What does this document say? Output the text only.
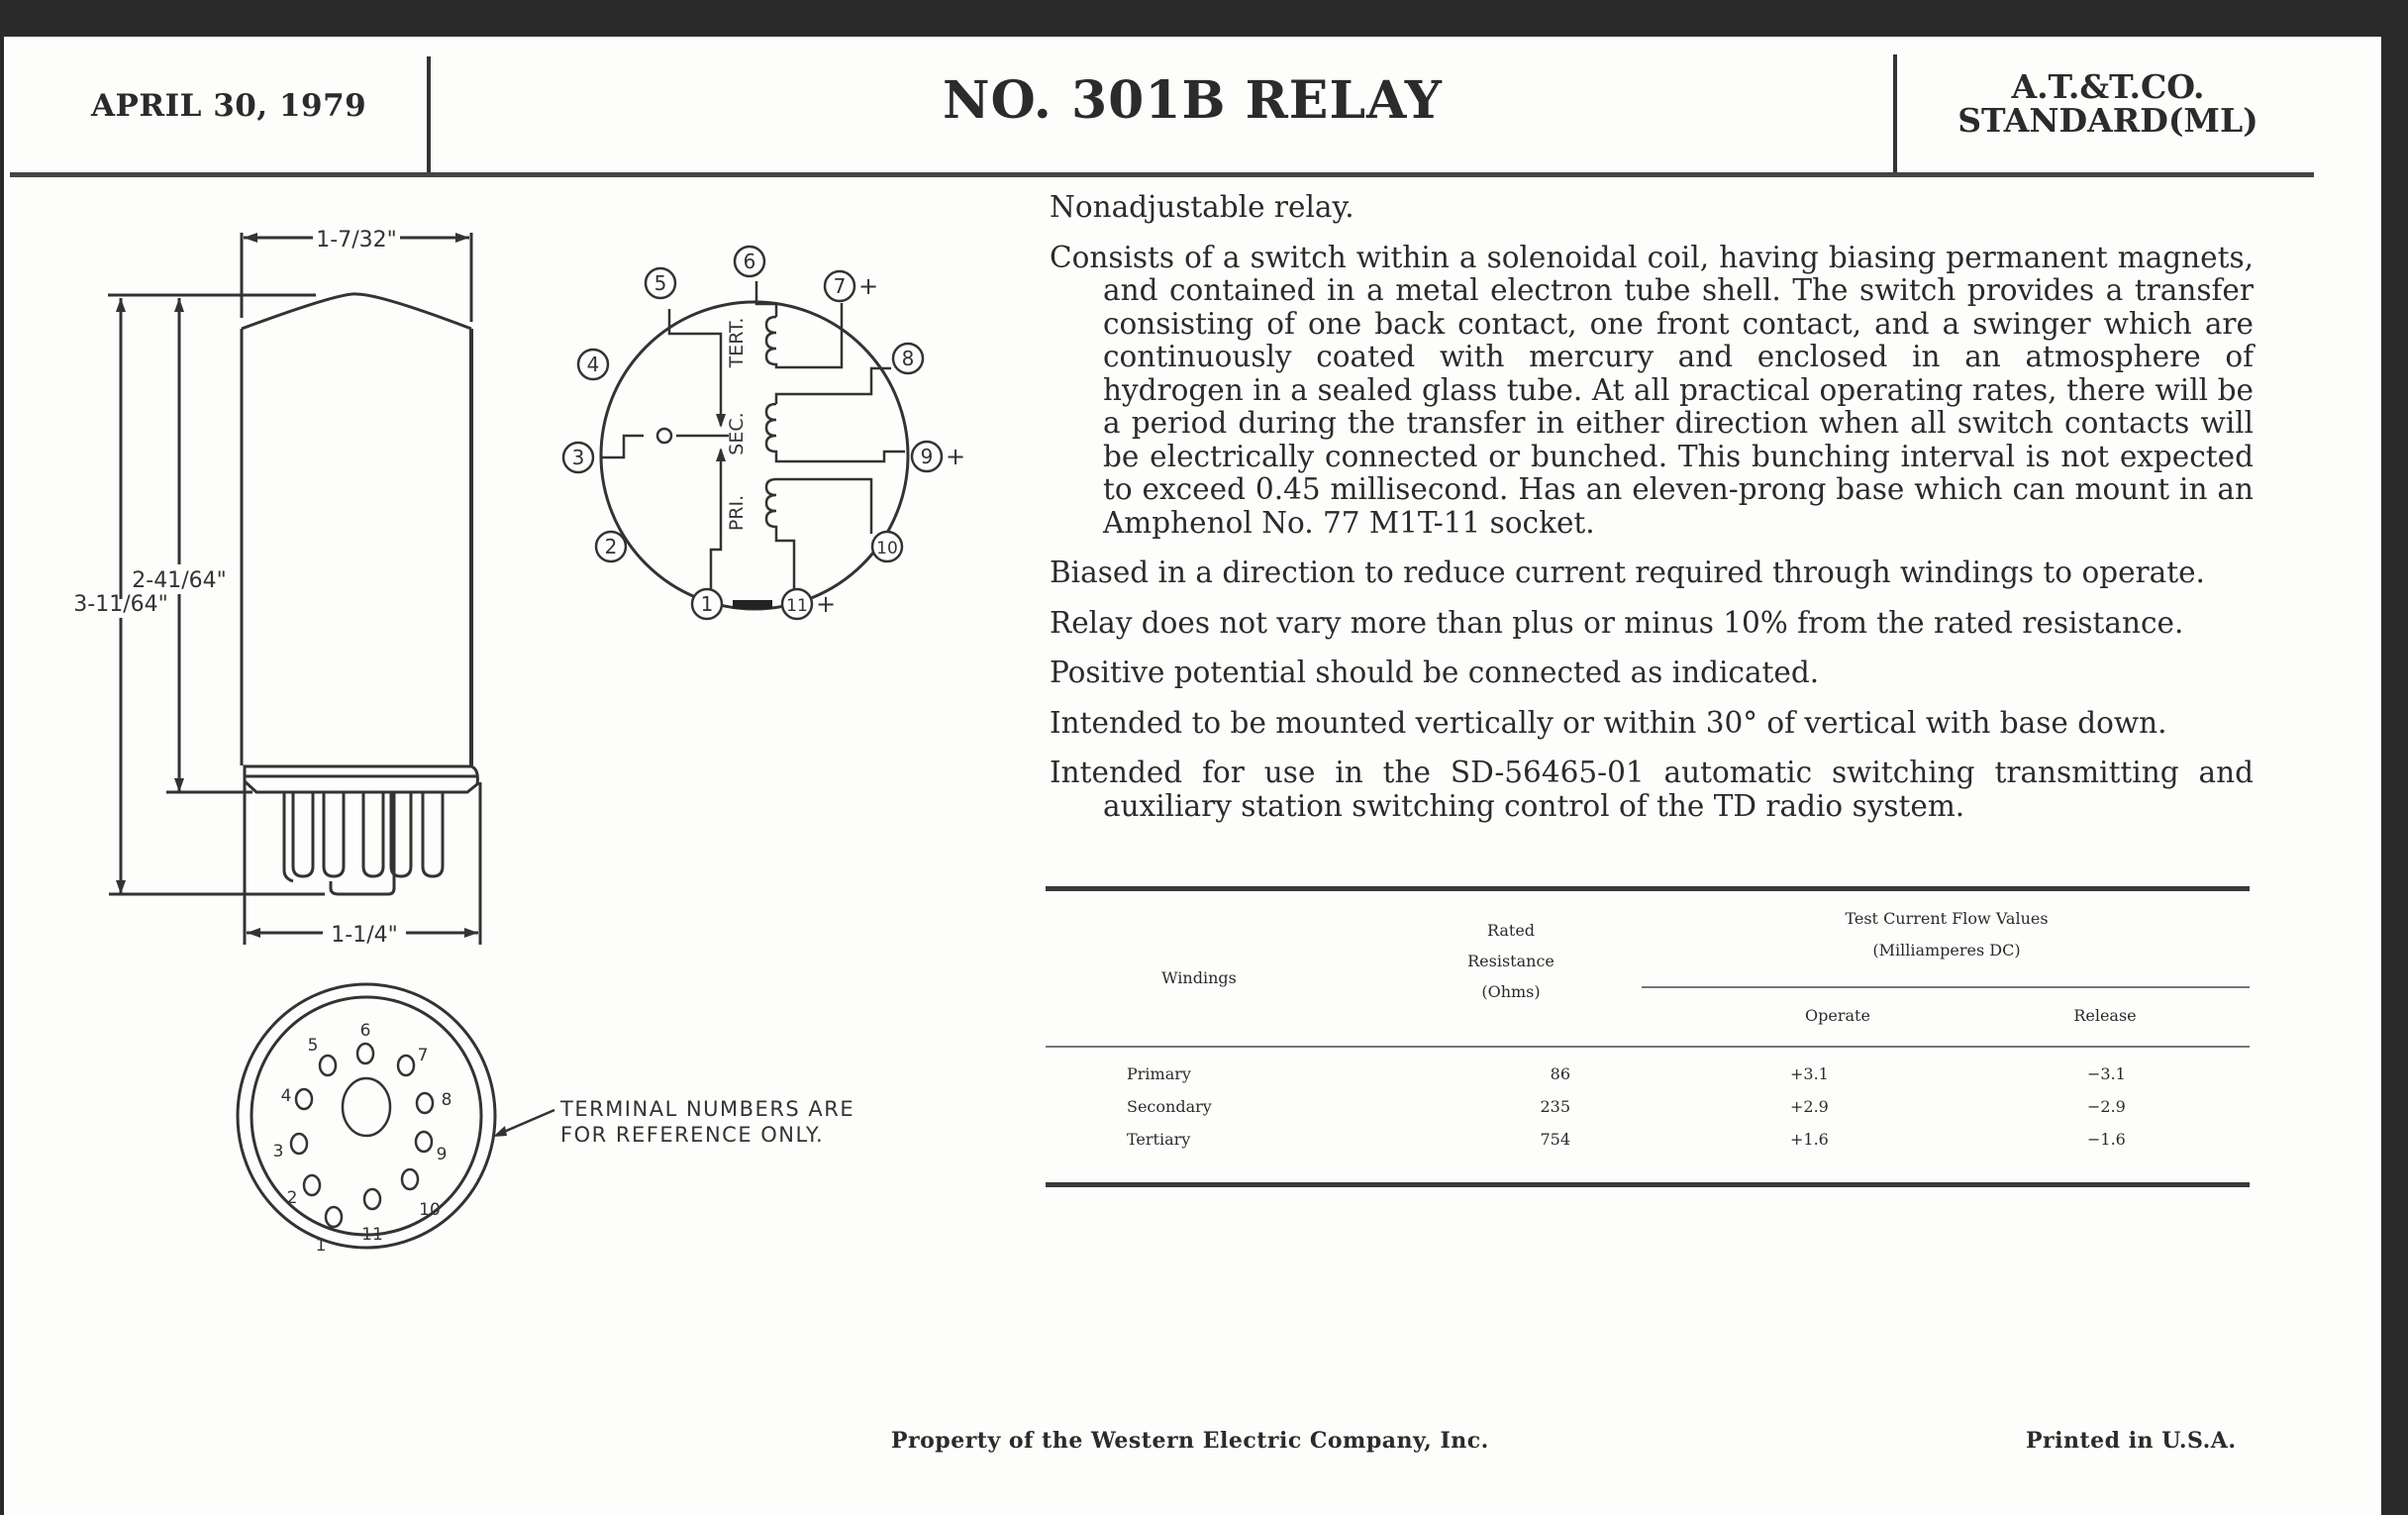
APRIL 30, 1979	NO. 301B RELAY	A.T.&T.CO.
STANDARD(ML)
1-7/32"
2-41/64"
3-11/64"
1-1/4"
1
2
3
4
5
6
7
8
9
10
11
TERMINAL NUMBERS ARE
FOR REFERENCE ONLY.
TERT.
SEC.
PRI.
1
2
3
4
5
6
7 +
8
9 +
10
11 +

Nonadjustable relay.

Consists of a switch within a solenoidal coil, having biasing permanent magnets, and contained in a metal electron tube shell. The switch provides a transfer consisting of one back contact, one front contact, and a swinger which are continuously coated with mercury and enclosed in an atmosphere of hydrogen in a sealed glass tube. At all practical operating rates, there will be a period during the transfer in either direction when all switch contacts will be electrically connected or bunched. This bunching interval is not expected to exceed 0.45 millisecond. Has an eleven-prong base which can mount in an Amphenol No. 77 M1T-11 socket.

Biased in a direction to reduce current required through windings to operate.

Relay does not vary more than plus or minus 10% from the rated resistance.

Positive potential should be connected as indicated.

Intended to be mounted vertically or within 30° of vertical with base down.

Intended for use in the SD-56465-01 automatic switching transmitting and auxiliary station switching control of the TD radio system.

Windings
Rated
Resistance
(Ohms)
Test Current Flow Values
(Milliamperes DC)
Operate	Release
Primary	86	+3.1	−3.1
Secondary	235	+2.9	−2.9
Tertiary	754	+1.6	−1.6
Property of the Western Electric Company, Inc.	Printed in U.S.A.
